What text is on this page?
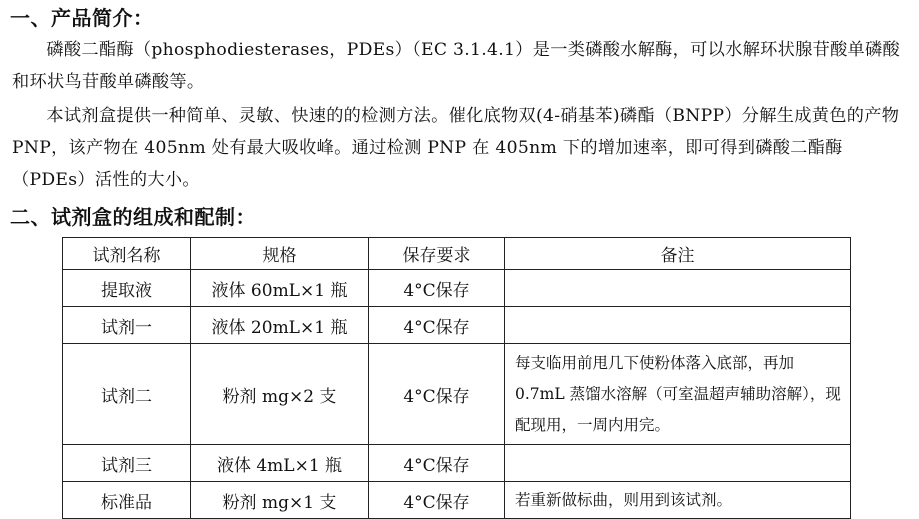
一、产品简介：

磷酸二酯酶（phosphodiesterases，PDEs）（EC 3.1.4.1）是一类磷酸水解酶，可以水解环状腺苷酸单磷酸和环状鸟苷酸单磷酸等。

本试剂盒提供一种简单、灵敏、快速的的检测方法。催化底物双(4-硝基苯)磷酯（BNPP）分解生成黄色的产物 PNP，该产物在 405nm 处有最大吸收峰。通过检测 PNP 在 405nm 下的增加速率，即可得到磷酸二酯酶（PDEs）活性的大小。

二、试剂盒的组成和配制：
试剂名称	规格	保存要求	备注
提取液	液体 60mL×1 瓶	4°C保存	
试剂一	液体 20mL×1 瓶	4°C保存	
试剂二	粉剂 mg×2 支	4°C保存	每支临用前甩几下使粉体落入底部，再加 0.7mL 蒸馏水溶解（可室温超声辅助溶解），现配现用，一周内用完。
试剂三	液体 4mL×1 瓶	4°C保存	
标准品	粉剂 mg×1 支	4°C保存	若重新做标曲，则用到该试剂。
